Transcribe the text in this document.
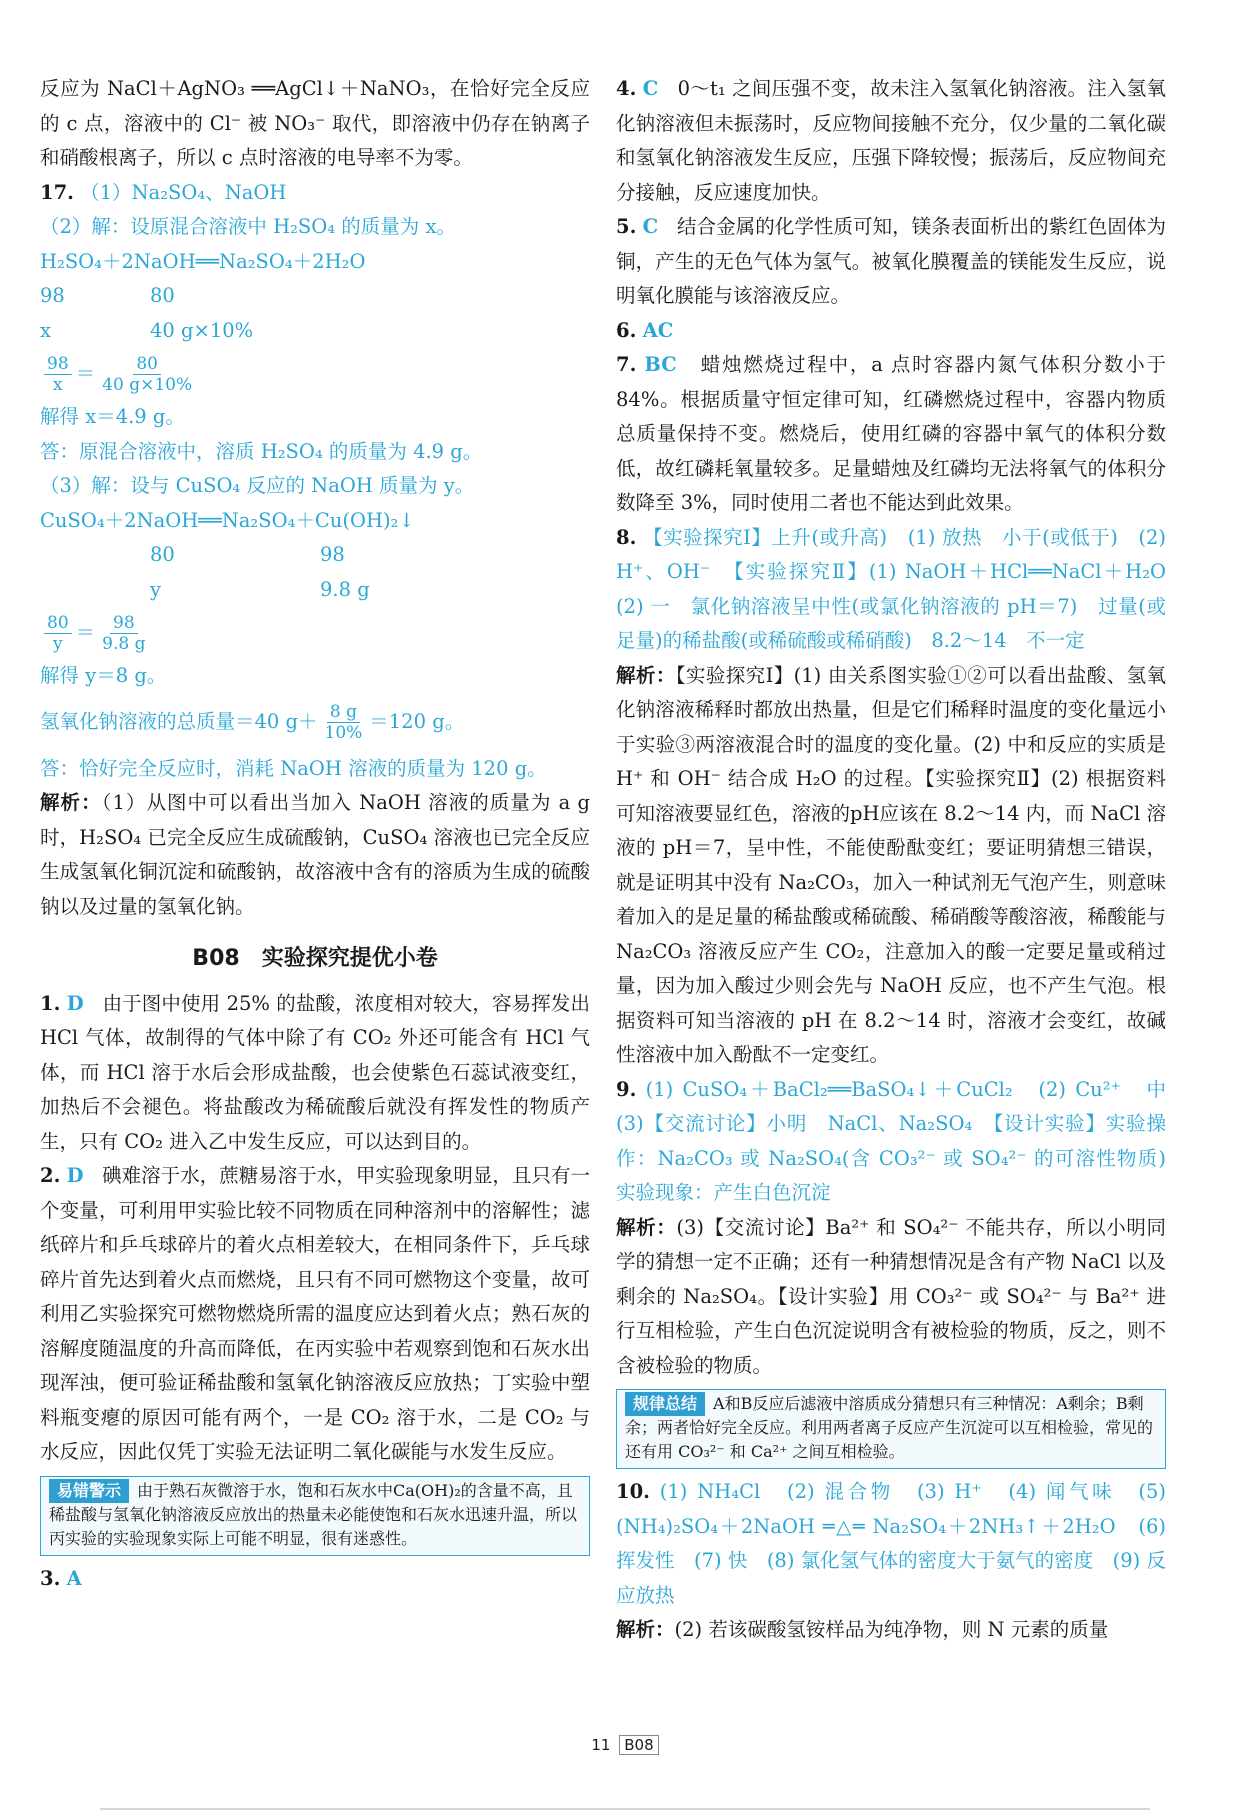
反应为 NaCl＋AgNO₃ ══AgCl↓＋NaNO₃，在恰好完全反应的 c 点，溶液中的 Cl⁻ 被 NO₃⁻ 取代，即溶液中仍存在钠离子和硝酸根离子，所以 c 点时溶液的电导率不为零。

17. （1）Na₂SO₄、NaOH

（2）解：设原混合溶液中 H₂SO₄ 的质量为 x。

H₂SO₄＋2NaOH══Na₂SO₄＋2H₂O

98	80
x	40 g×10%
$\frac{98}{x} = \frac{80}{40 g\times 10\%}$

解得 x＝4.9 g。

答：原混合溶液中，溶质 H₂SO₄ 的质量为 4.9 g。

（3）解：设与 CuSO₄ 反应的 NaOH 质量为 y。

CuSO₄＋2NaOH══Na₂SO₄＋Cu(OH)₂↓

80	98
y	9.8 g
$\frac{80}{y} = \frac{98}{9.8 g}$

解得 y＝8 g。

氢氧化钠溶液的总质量＝40 $g+ \frac{8 g}{10\%} =120$ g。

答：恰好完全反应时，消耗 NaOH 溶液的质量为 120 g。

解析：（1）从图中可以看出当加入 NaOH 溶液的质量为 a g 时，H₂SO₄ 已完全反应生成硫酸钠，CuSO₄ 溶液也已完全反应生成氢氧化铜沉淀和硫酸钠，故溶液中含有的溶质为生成的硫酸钠以及过量的氢氧化钠。

B08 实验探究提优小卷

1. D 由于图中使用 25% 的盐酸，浓度相对较大，容易挥发出 HCl 气体，故制得的气体中除了有 CO₂ 外还可能含有 HCl 气体，而 HCl 溶于水后会形成盐酸，也会使紫色石蕊试液变红，加热后不会褪色。将盐酸改为稀硫酸后就没有挥发性的物质产生，只有 CO₂ 进入乙中发生反应，可以达到目的。

2. D 碘难溶于水，蔗糖易溶于水，甲实验现象明显，且只有一个变量，可利用甲实验比较不同物质在同种溶剂中的溶解性；滤纸碎片和乒乓球碎片的着火点相差较大，在相同条件下，乒乓球碎片首先达到着火点而燃烧，且只有不同可燃物这个变量，故可利用乙实验探究可燃物燃烧所需的温度应达到着火点；熟石灰的溶解度随温度的升高而降低，在丙实验中若观察到饱和石灰水出现浑浊，便可验证稀盐酸和氢氧化钠溶液反应放热；丁实验中塑料瓶变瘪的原因可能有两个，一是 CO₂ 溶于水，二是 CO₂ 与水反应，因此仅凭丁实验无法证明二氧化碳能与水发生反应。

易错警示 由于熟石灰微溶于水，饱和石灰水中Ca(OH)₂的含量不高，且稀盐酸与氢氧化钠溶液反应放出的热量未必能使饱和石灰水迅速升温，所以丙实验的实验现象实际上可能不明显，很有迷惑性。

3. A

4. C 0～t₁ 之间压强不变，故未注入氢氧化钠溶液。注入氢氧化钠溶液但未振荡时，反应物间接触不充分，仅少量的二氧化碳和氢氧化钠溶液发生反应，压强下降较慢；振荡后，反应物间充分接触，反应速度加快。

5. C 结合金属的化学性质可知，镁条表面析出的紫红色固体为铜，产生的无色气体为氢气。被氧化膜覆盖的镁能发生反应，说明氧化膜能与该溶液反应。

6. AC

7. BC 蜡烛燃烧过程中，a 点时容器内氮气体积分数小于 84%。根据质量守恒定律可知，红磷燃烧过程中，容器内物质总质量保持不变。燃烧后，使用红磷的容器中氧气的体积分数低，故红磷耗氧量较多。足量蜡烛及红磷均无法将氧气的体积分数降至 3%，同时使用二者也不能达到此效果。

8. 【实验探究Ⅰ】上升(或升高)　(1) 放热　小于(或低于)　(2) H⁺、OH⁻　【实验探究Ⅱ】(1) NaOH＋HCl══NaCl＋H₂O　(2) 一　氯化钠溶液呈中性(或氯化钠溶液的 pH＝7)　过量(或足量)的稀盐酸(或稀硫酸或稀硝酸)　8.2～14　不一定

解析：【实验探究Ⅰ】(1) 由关系图实验①②可以看出盐酸、氢氧化钠溶液稀释时都放出热量，但是它们稀释时温度的变化量远小于实验③两溶液混合时的温度的变化量。(2) 中和反应的实质是 H⁺ 和 OH⁻ 结合成 H₂O 的过程。【实验探究Ⅱ】(2) 根据资料可知溶液要显红色，溶液的pH应该在 8.2～14 内，而 NaCl 溶液的 pH＝7，呈中性，不能使酚酞变红；要证明猜想三错误，就是证明其中没有 Na₂CO₃，加入一种试剂无气泡产生，则意味着加入的是足量的稀盐酸或稀硫酸、稀硝酸等酸溶液，稀酸能与 Na₂CO₃ 溶液反应产生 CO₂，注意加入的酸一定要足量或稍过量，因为加入酸过少则会先与 NaOH 反应，也不产生气泡。根据资料可知当溶液的 pH 在 8.2～14 时，溶液才会变红，故碱性溶液中加入酚酞不一定变红。

9. (1) CuSO₄＋BaCl₂══BaSO₄↓＋CuCl₂　(2) Cu²⁺　中　(3)【交流讨论】小明　NaCl、Na₂SO₄　【设计实验】实验操作：Na₂CO₃ 或 Na₂SO₄(含 CO₃²⁻ 或 SO₄²⁻ 的可溶性物质)　实验现象：产生白色沉淀

解析：(3)【交流讨论】Ba²⁺ 和 SO₄²⁻ 不能共存，所以小明同学的猜想一定不正确；还有一种猜想情况是含有产物 NaCl 以及剩余的 Na₂SO₄。【设计实验】用 CO₃²⁻ 或 SO₄²⁻ 与 Ba²⁺ 进行互相检验，产生白色沉淀说明含有被检验的物质，反之，则不含被检验的物质。

规律总结 A和B反应后滤液中溶质成分猜想只有三种情况：A剩余；B剩余；两者恰好完全反应。利用两者离子反应产生沉淀可以互相检验，常见的还有用 CO₃²⁻ 和 Ca²⁺ 之间互相检验。

10. (1) NH₄Cl　(2) 混合物　(3) H⁺　(4) 闻气味　(5) (NH₄)₂SO₄＋2NaOH ═△═ Na₂SO₄＋2NH₃↑＋2H₂O　(6) 挥发性　(7) 快　(8) 氯化氢气体的密度大于氨气的密度　(9) 反应放热

解析：(2) 若该碳酸氢铵样品为纯净物，则 N 元素的质量

11 B08
